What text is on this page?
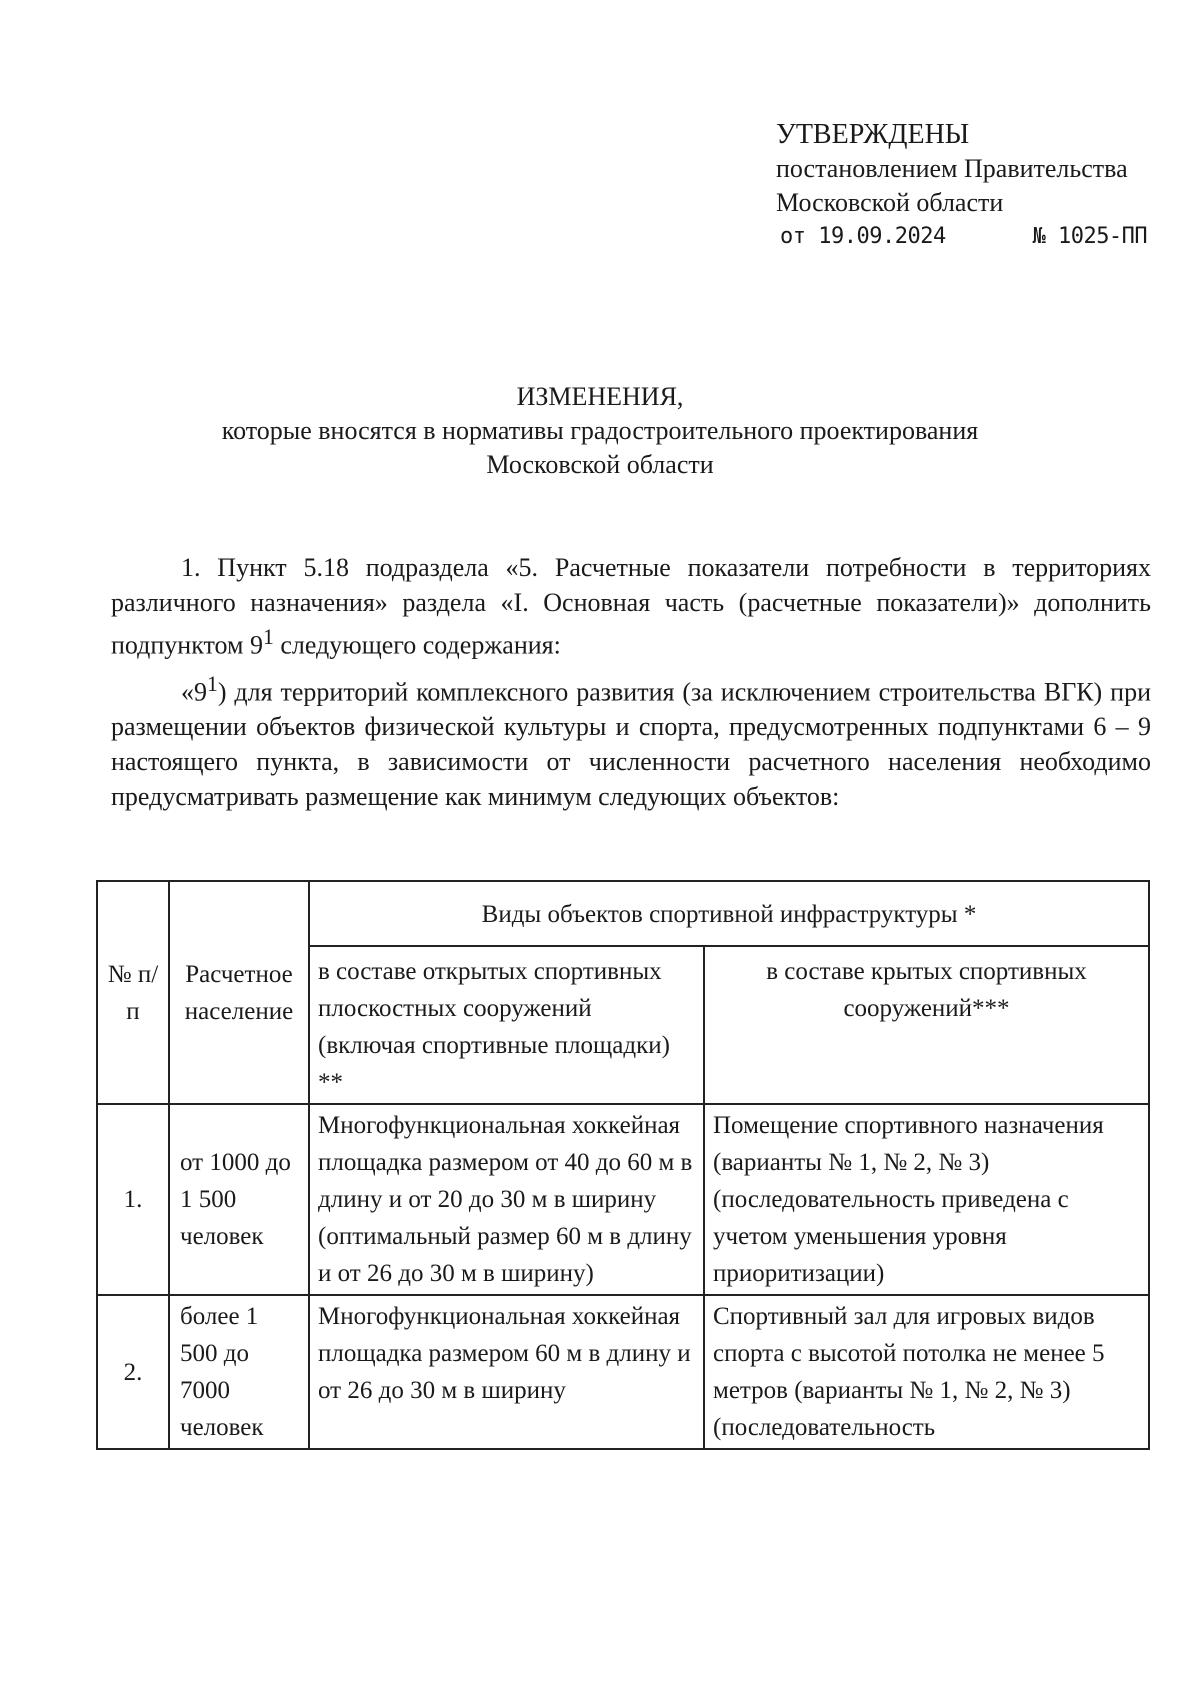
УТВЕРЖДЕНЫ
постановлением Правительства
Московской области
от 19.09.2024	№ 1025-ПП
ИЗМЕНЕНИЯ,
которые вносятся в нормативы градостроительного проектирования
Московской области

1. Пункт 5.18 подраздела «5. Расчетные показатели потребности в территориях различного назначения» раздела «I. Основная часть (расчетные показатели)» дополнить подпунктом $9^1$ следующего содержания:

«$9^1$) для территорий комплексного развития (за исключением строительства ВГК) при размещении объектов физической культуры и спорта, предусмотренных подпунктами 6 – 9 настоящего пункта, в зависимости от численности расчетного населения необходимо предусматривать размещение как минимум следующих объектов:

№ п/п	Расчетное население	Виды объектов спортивной инфраструктуры *	
		в составе открытых спортивных плоскостных сооружений (включая спортивные площадки) **	в составе крытых спортивных сооружений***
1.	от 1000 до 1 500 человек	Многофункциональная хоккейная площадка размером от 40 до 60 м в длину и от 20 до 30 м в ширину (оптимальный размер 60 м в длину и от 26 до 30 м в ширину)	Помещение спортивного назначения (варианты № 1, № 2, № 3) (последовательность приведена с учетом уменьшения уровня приоритизации)
2.	более 1 500 до 7000 человек	Многофункциональная хоккейная площадка размером 60 м в длину и от 26 до 30 м в ширину	Спортивный зал для игровых видов спорта с высотой потолка не менее 5 метров (варианты № 1, № 2, № 3) (последовательность
